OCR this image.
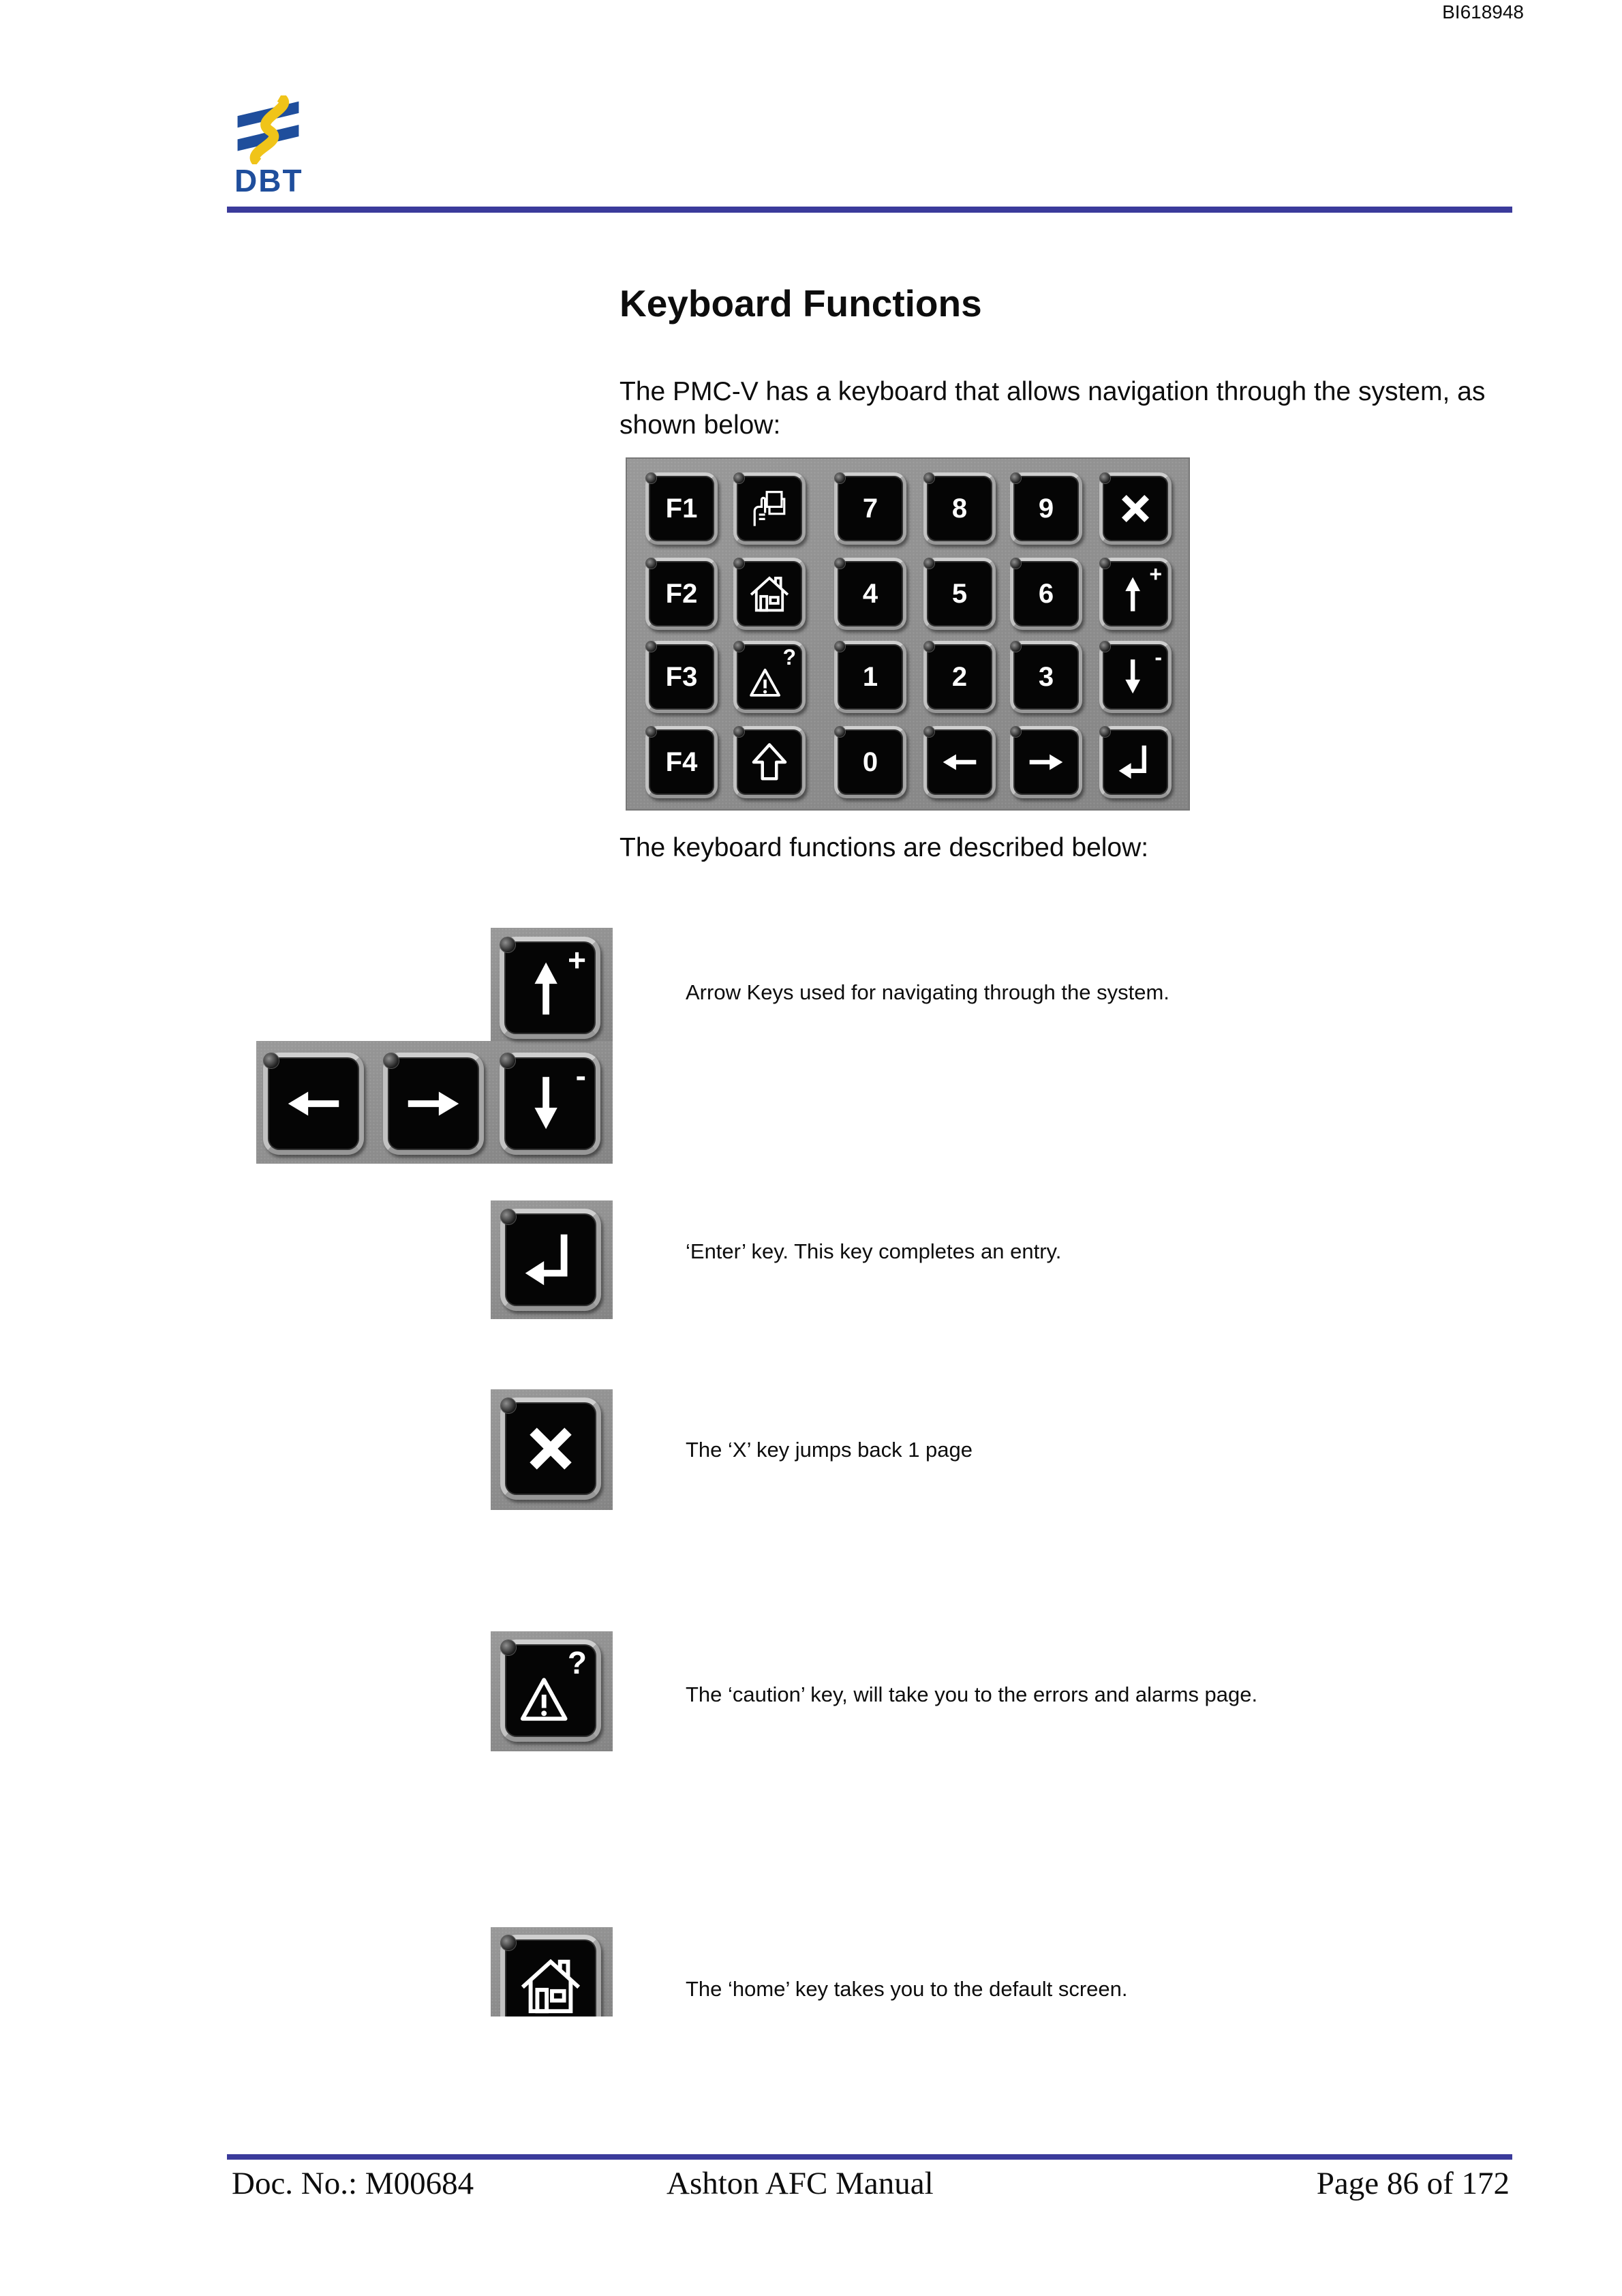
BI618948
DBT
Keyboard Functions
The PMC-V has a keyboard that allows navigation through the system, as shown below:
F1	7	8	9
F2	4	5	6
+
F3
?
1	2	3
-
F4	0
The keyboard functions are described below:
+
-
Arrow Keys used for navigating through the system.
‘Enter’ key. This key completes an entry.
The ‘X’ key jumps back 1 page
?
The ‘caution’ key, will take you to the errors and alarms page.
The ‘home’ key takes you to the default screen.
Doc. No.: M00684	Ashton AFC Manual	Page 86 of 172
